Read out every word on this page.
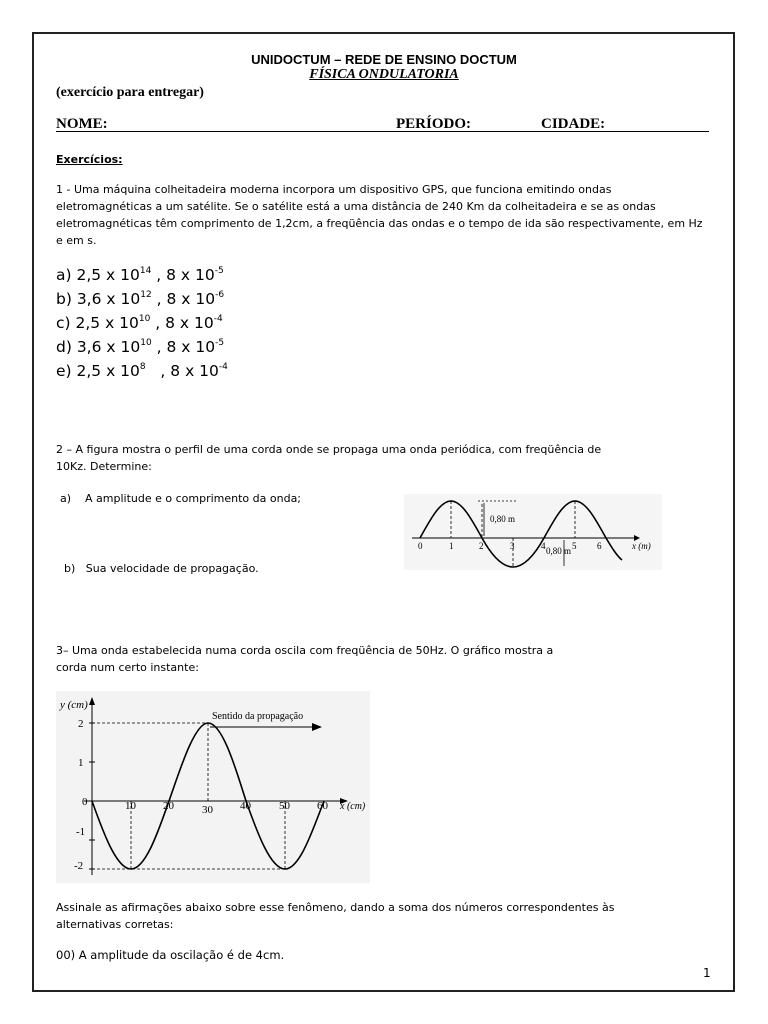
UNIDOCTUM – REDE DE ENSINO DOCTUM
FÍSICA ONDULATORIA
(exercício para entregar)
NOME:	PERÍODO:	CIDADE:
Exercícios:
1 - Uma máquina colheitadeira moderna incorpora um dispositivo GPS, que funciona emitindo ondas
eletromagnéticas a um satélite. Se o satélite está a uma distância de 240 Km da colheitadeira e se as ondas
eletromagnéticas têm comprimento de 1,2cm, a freqüência das ondas e o tempo de ida são respectivamente, em Hz
e em s.
a) 2,5 x $10^{14}$ , 8 x $10^{-5}$
b) 3,6 x $10^{12}$ , 8 x $10^{-6}$
c) 2,5 x $10^{10}$ , 8 x $10^{-4}$
d) 3,6 x $10^{10}$ , 8 x $10^{-5}$
e) 2,5 x $10^8$   , 8 x $10^{-4}$
2 – A figura mostra o perfil de uma corda onde se propaga uma onda periódica, com freqüência de
10Kz. Determine:
a)    A amplitude e o comprimento da onda;
b)   Sua velocidade de propagação.
0,80 m
0,80 m
0	1	2	3	4	5 6	x (m)
3– Uma onda estabelecida numa corda oscila com freqüência de 50Hz. O gráfico mostra a
corda num certo instante:
y (cm)
2
1
0
-1
-2
10 20	30 40	50 60 x (cm)
Sentido da propagação
Assinale as afirmações abaixo sobre esse fenômeno, dando a soma dos números correspondentes às
alternativas corretas:
00) A amplitude da oscilação é de 4cm.
1
